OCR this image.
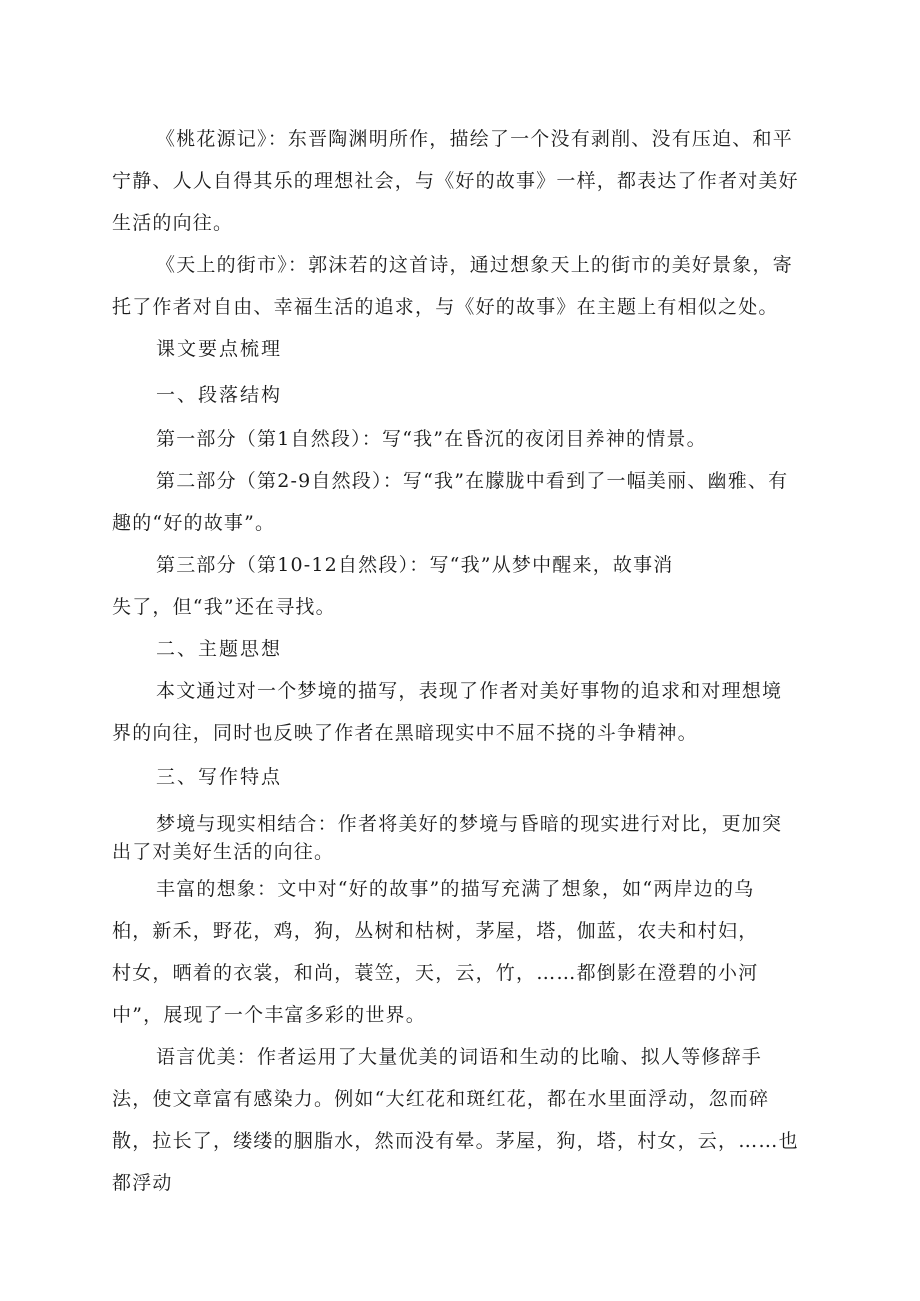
《桃花源记》：东晋陶渊明所作，描绘了一个没有剥削、没有压迫、和平宁静、人人自得其乐的理想社会，与《好的故事》一样，都表达了作者对美好生活的向往。

《天上的街市》：郭沫若的这首诗，通过想象天上的街市的美好景象，寄托了作者对自由、幸福生活的追求，与《好的故事》在主题上有相似之处。

课文要点梳理
一、段落结构

第一部分（第1自然段）：写“我”在昏沉的夜闭目养神的情景。

第二部分（第2-9自然段）：写“我”在朦胧中看到了一幅美丽、幽雅、有趣的“好的故事”。

第三部分（第10-12自然段）：写“我”从梦中醒来，故事消

失了，但“我”还在寻找。

二、主题思想

本文通过对一个梦境的描写，表现了作者对美好事物的追求和对理想境界的向往，同时也反映了作者在黑暗现实中不屈不挠的斗争精神。

三、写作特点

梦境与现实相结合：作者将美好的梦境与昏暗的现实进行对比，更加突出了对美好生活的向往。

丰富的想象：文中对“好的故事”的描写充满了想象，如“两岸边的乌桕，新禾，野花，鸡，狗，丛树和枯树，茅屋，塔，伽蓝，农夫和村妇，村女，晒着的衣裳，和尚，蓑笠，天，云，竹，……都倒影在澄碧的小河中”，展现了一个丰富多彩的世界。

语言优美：作者运用了大量优美的词语和生动的比喻、拟人等修辞手法，使文章富有感染力。例如“大红花和斑红花，都在水里面浮动，忽而碎散，拉长了，缕缕的胭脂水，然而没有晕。茅屋，狗，塔，村女，云，……也都浮动
